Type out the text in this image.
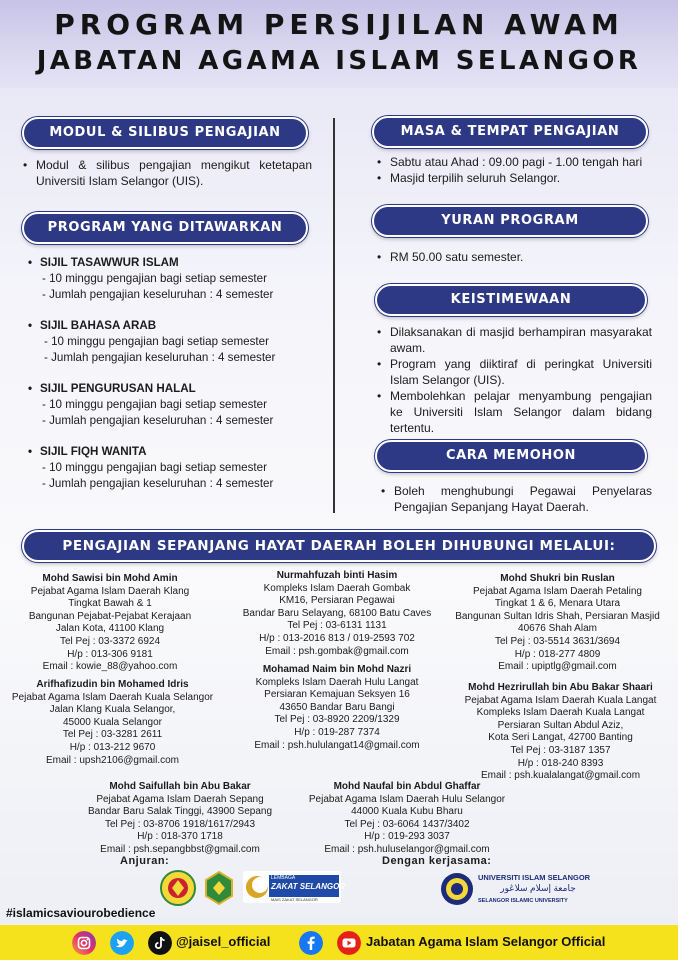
PROGRAM PERSIJILAN AWAM
JABATAN AGAMA ISLAM SELANGOR
MODUL & SILIBUS PENGAJIAN
• Modul & silibus pengajian mengikut ketetapan Universiti Islam Selangor (UIS).
PROGRAM YANG DITAWARKAN
• SIJIL TASAWWUR ISLAM
- 10 minggu pengajian bagi setiap semester
- Jumlah pengajian keseluruhan : 4 semester
• SIJIL BAHASA ARAB
- 10 minggu pengajian bagi setiap semester
- Jumlah pengajian keseluruhan : 4 semester
• SIJIL PENGURUSAN HALAL
- 10 minggu pengajian bagi setiap semester
- Jumlah pengajian keseluruhan : 4 semester
• SIJIL FIQH WANITA
- 10 minggu pengajian bagi setiap semester
- Jumlah pengajian keseluruhan : 4 semester
MASA & TEMPAT PENGAJIAN
• Sabtu atau Ahad : 09.00 pagi - 1.00 tengah hari
• Masjid terpilih seluruh Selangor.
YURAN PROGRAM
• RM 50.00 satu semester.
KEISTIMEWAAN
• Dilaksanakan di masjid berhampiran masyarakat awam.
• Program yang diiktiraf di peringkat Universiti Islam Selangor (UIS).
• Membolehkan pelajar menyambung pengajian ke Universiti Islam Selangor dalam bidang tertentu.
CARA MEMOHON
• Boleh menghubungi Pegawai Penyelaras Pengajian Sepanjang Hayat Daerah.
PENGAJIAN SEPANJANG HAYAT DAERAH BOLEH DIHUBUNGI MELALUI:
Mohd Sawisi bin Mohd Amin
Pejabat Agama Islam Daerah Klang
Tingkat Bawah & 1
Bangunan Pejabat-Pejabat Kerajaan
Jalan Kota, 41100 Klang
Tel Pej : 03-3372 6924
H/p : 013-306 9181
Email : kowie_88@yahoo.com
Nurmahfuzah binti Hasim
Kompleks Islam Daerah Gombak
KM16, Persiaran Pegawai
Bandar Baru Selayang, 68100 Batu Caves
Tel Pej : 03-6131 1131
H/p : 013-2016 813 / 019-2593 702
Email : psh.gombak@gmail.com
Mohd Shukri bin Ruslan
Pejabat Agama Islam Daerah Petaling
Tingkat 1 & 6, Menara Utara
Bangunan Sultan Idris Shah, Persiaran Masjid
40676 Shah Alam
Tel Pej : 03-5514 3631/3694
H/p : 018-277 4809
Email : upiptlg@gmail.com
Arifhafizudin bin Mohamed Idris
Pejabat Agama Islam Daerah Kuala Selangor
Jalan Klang Kuala Selangor,
45000 Kuala Selangor
Tel Pej : 03-3281 2611
H/p : 013-212 9670
Email : upsh2106@gmail.com
Mohamad Naim bin Mohd Nazri
Kompleks Islam Daerah Hulu Langat
Persiaran Kemajuan Seksyen 16
43650 Bandar Baru Bangi
Tel Pej : 03-8920 2209/1329
H/p : 019-287 7374
Email : psh.hululangat14@gmail.com
Mohd Hezrirullah bin Abu Bakar Shaari
Pejabat Agama Islam Daerah Kuala Langat
Kompleks Islam Daerah Kuala Langat
Persiaran Sultan Abdul Aziz,
Kota Seri Langat, 42700 Banting
Tel Pej : 03-3187 1357
H/p : 018-240 8393
Email : psh.kualalangat@gmail.com
Mohd Saifullah bin Abu Bakar
Pejabat Agama Islam Daerah Sepang
Bandar Baru Salak Tinggi, 43900 Sepang
Tel Pej : 03-8706 1918/1617/2943
H/p : 018-370 1718
Email : psh.sepangbbst@gmail.com
Mohd Naufal bin Abdul Ghaffar
Pejabat Agama Islam Daerah Hulu Selangor
44000 Kuala Kubu Bharu
Tel Pej : 03-6064 1437/3402
H/p : 019-293 3037
Email : psh.huluselangor@gmail.com
Anjuran:	Dengan kerjasama:
LEMBAGA
ZAKAT SELANGOR
MAIS ZAKAT SELANGOR
UNIVERSITI ISLAM SELANGOR
جامعة إسلام سلاڠور
SELANGOR ISLAMIC UNIVERSITY
#islamicsaviourobedience
@jaisel_official	Jabatan Agama Islam Selangor Official
